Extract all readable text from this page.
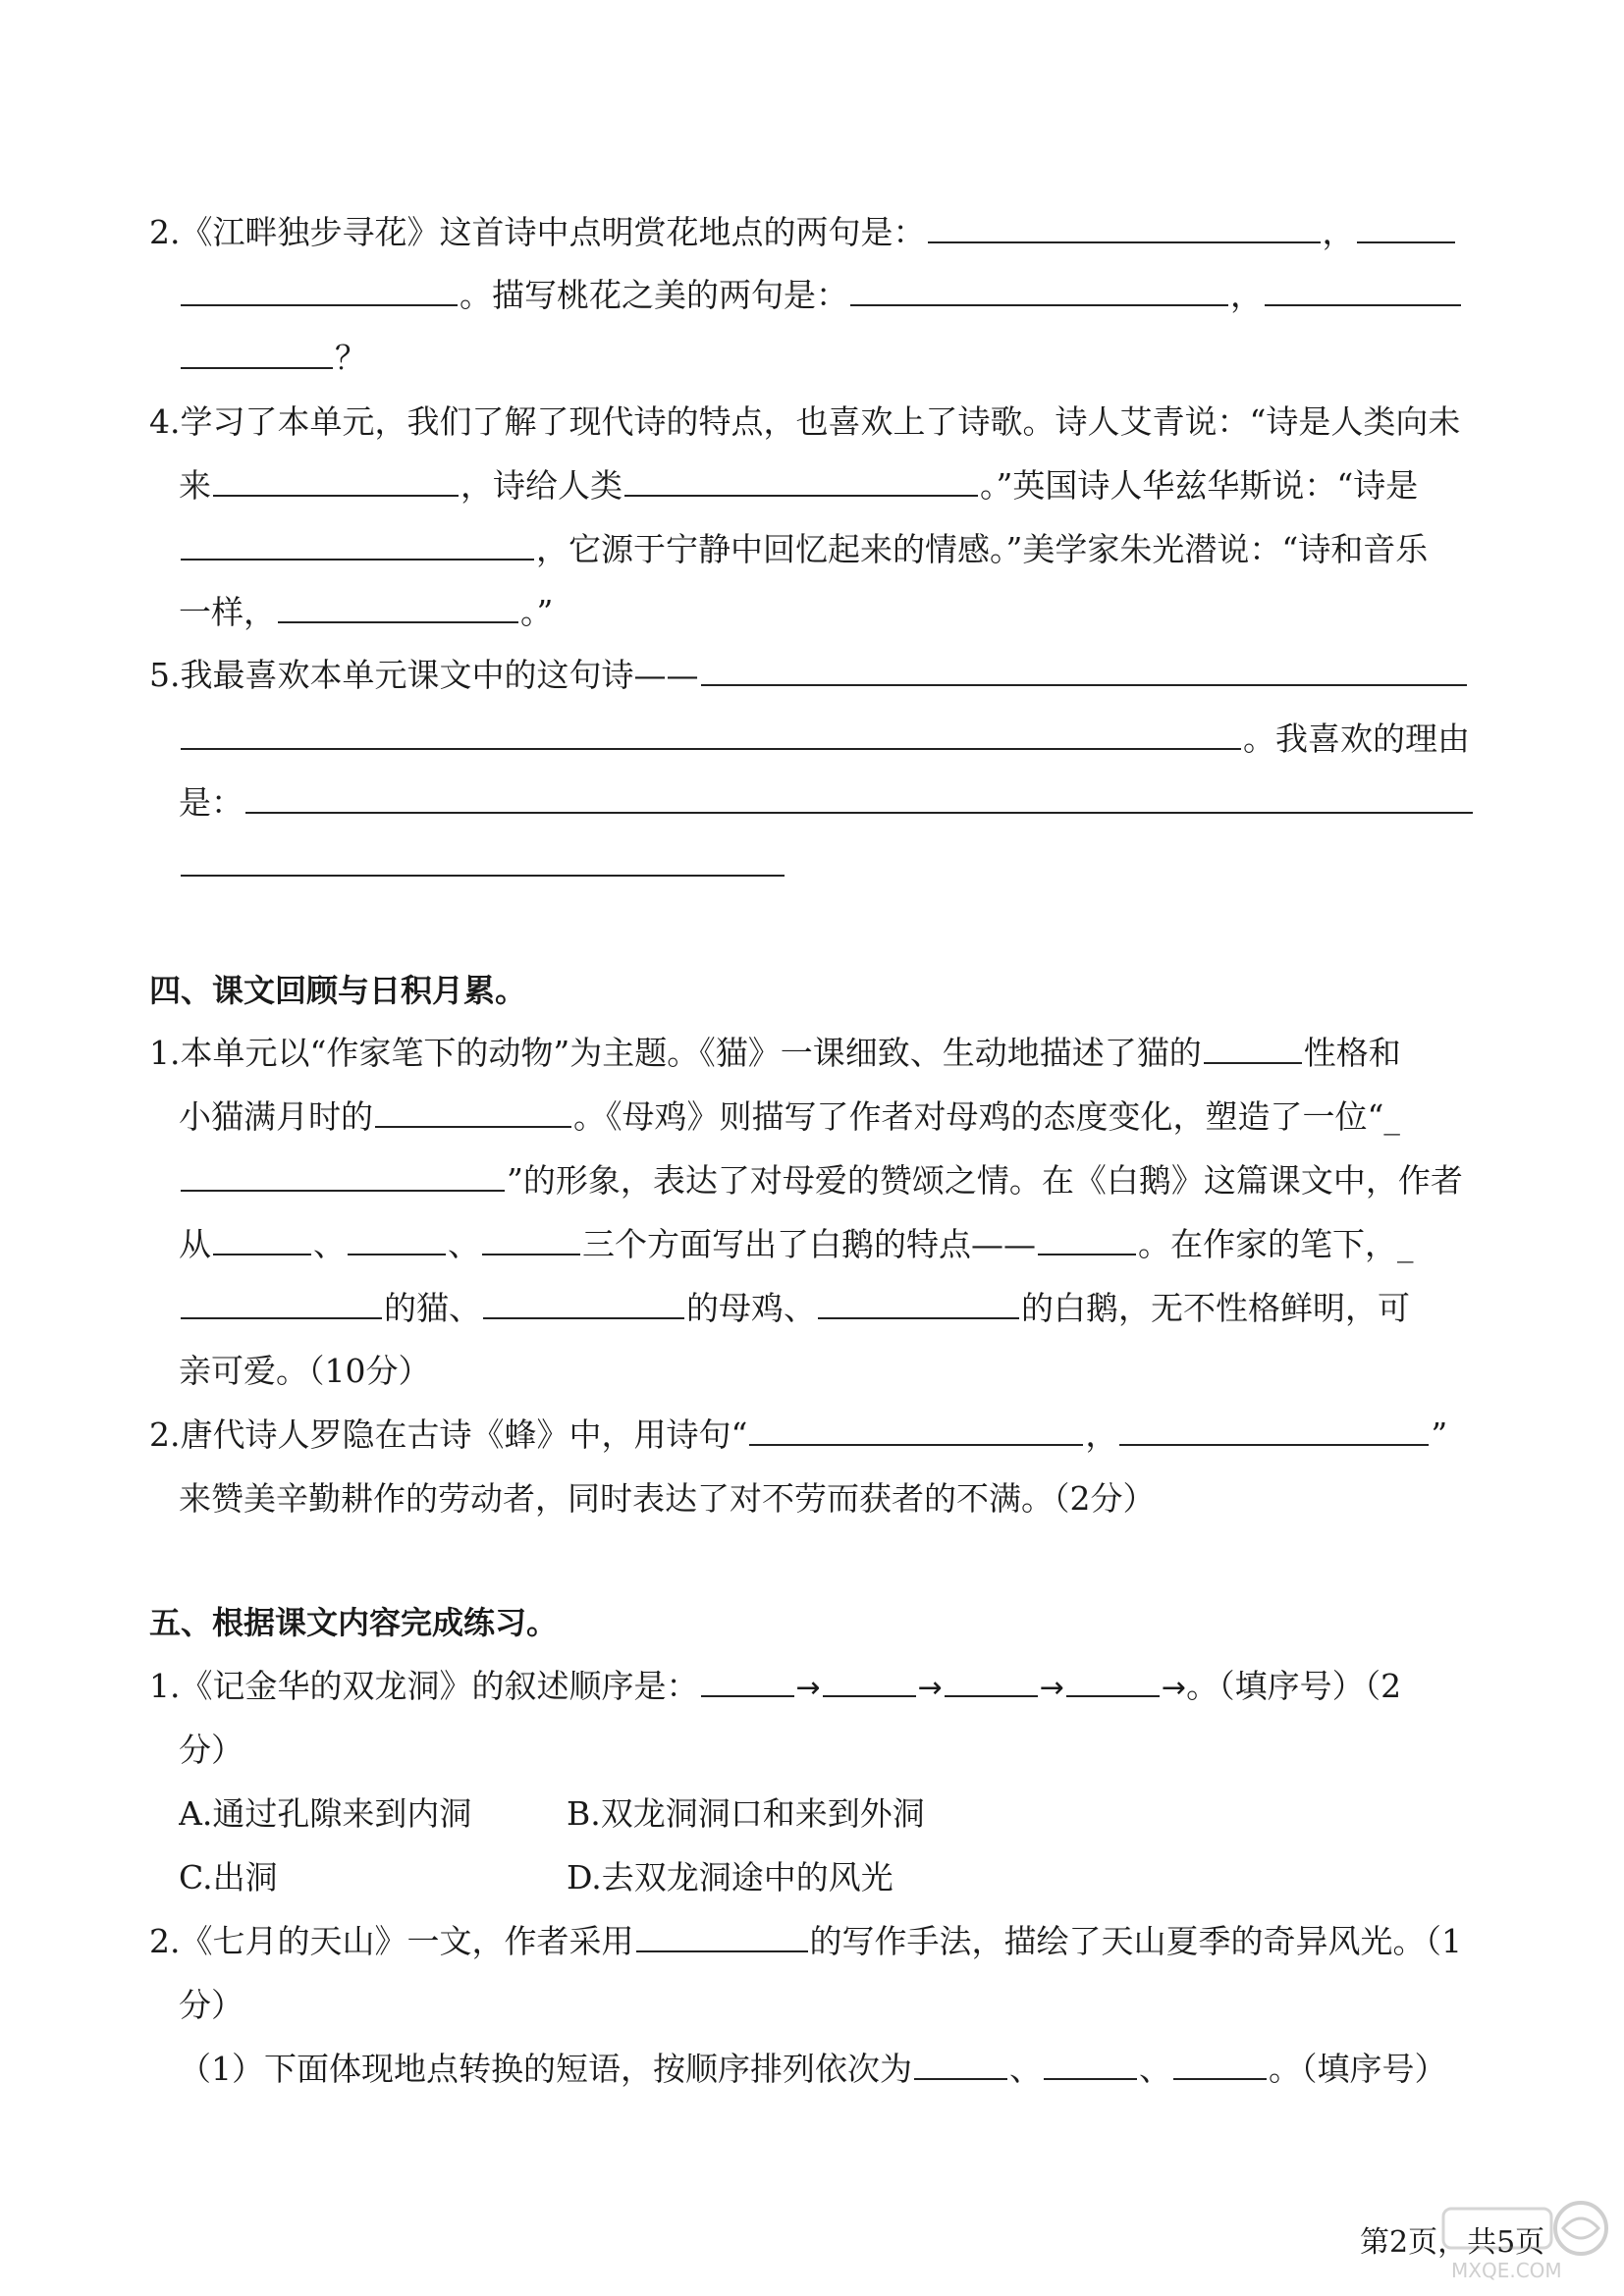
2.《江畔独步寻花》这首诗中点明赏花地点的两句是：	，
。描写桃花之美的两句是：	，
？
4.学习了本单元，我们了解了现代诗的特点，也喜欢上了诗歌。诗人艾青说：“诗是人类向未
来	，诗给人类	。”英国诗人华兹华斯说：“诗是
，它源于宁静中回忆起来的情感。”美学家朱光潜说：“诗和音乐
一样，	。”
5.我最喜欢本单元课文中的这句诗——
。我喜欢的理由
是：
四、课文回顾与日积月累。
1.本单元以“作家笔下的动物”为主题。《猫》一课细致、生动地描述了猫的	性格和
小猫满月时的	。《母鸡》则描写了作者对母鸡的态度变化，塑造了一位“_
”的形象，表达了对母爱的赞颂之情。在《白鹅》这篇课文中，作者
从	、	、	三个方面写出了白鹅的特点——	。在作家的笔下，_
的猫、	的母鸡、	的白鹅，无不性格鲜明，可
亲可爱。（10分）
2.唐代诗人罗隐在古诗《蜂》中，用诗句“	，	”
来赞美辛勤耕作的劳动者，同时表达了对不劳而获者的不满。（2分）
五、根据课文内容完成练习。
1.《记金华的双龙洞》的叙述顺序是：	→	→	→	→。（填序号）（2
分）
A.通过孔隙来到内洞	B.双龙洞洞口和来到外洞
C.出洞	D.去双龙洞途中的风光
2.《七月的天山》一文，作者采用	的写作手法，描绘了天山夏季的奇异风光。（1
分）
（1）下面体现地点转换的短语，按顺序排列依次为	、	、	。（填序号）
第2页，共5页
MXQE.COM
